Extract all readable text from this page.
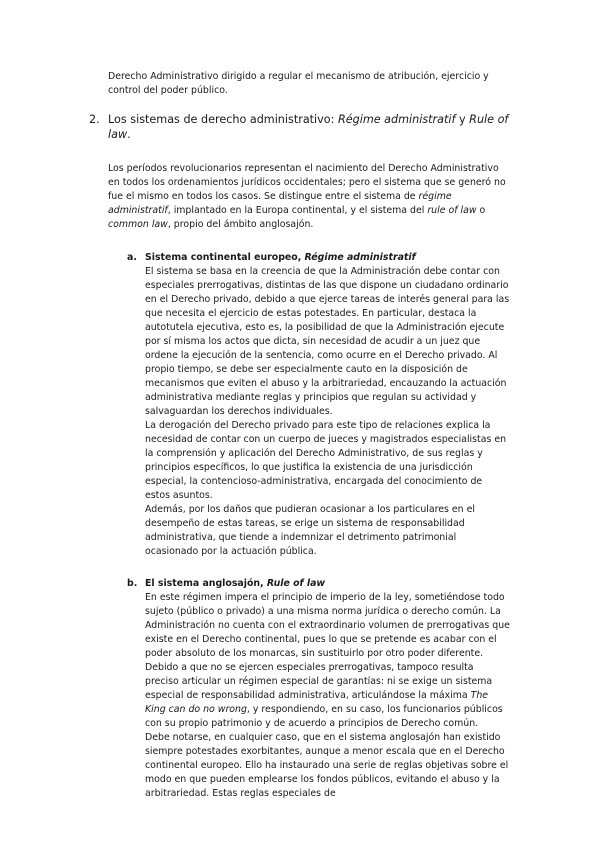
Derecho Administrativo dirigido a regular el mecanismo de atribución, ejercicio y control del poder público.

2. Los sistemas de derecho administrativo: Régime administratif y Rule of law.

Los períodos revolucionarios representan el nacimiento del Derecho Administrativo en todos los ordenamientos jurídicos occidentales; pero el sistema que se generó no fue el mismo en todos los casos. Se distingue entre el sistema de régime administratif, implantado en la Europa continental, y el sistema del rule of law o common law, propio del ámbito anglosajón.

a. Sistema continental europeo, Régime administratif

El sistema se basa en la creencia de que la Administración debe contar con especiales prerrogativas, distintas de las que dispone un ciudadano ordinario en el Derecho privado, debido a que ejerce tareas de interés general para las que necesita el ejercicio de estas potestades. En particular, destaca la autotutela ejecutiva, esto es, la posibilidad de que la Administración ejecute por sí misma los actos que dicta, sin necesidad de acudir a un juez que ordene la ejecución de la sentencia, como ocurre en el Derecho privado. Al propio tiempo, se debe ser especialmente cauto en la disposición de mecanismos que eviten el abuso y la arbitrariedad, encauzando la actuación administrativa mediante reglas y principios que regulan su actividad y salvaguardan los derechos individuales.

La derogación del Derecho privado para este tipo de relaciones explica la necesidad de contar con un cuerpo de jueces y magistrados especialistas en la comprensión y aplicación del Derecho Administrativo, de sus reglas y principios específicos, lo que justifica la existencia de una jurisdicción especial, la contencioso-administrativa, encargada del conocimiento de estos asuntos.

Además, por los daños que pudieran ocasionar a los particulares en el desempeño de estas tareas, se erige un sistema de responsabilidad administrativa, que tiende a indemnizar el detrimento patrimonial ocasionado por la actuación pública.

b. El sistema anglosajón, Rule of law

En este régimen impera el principio de imperio de la ley, sometiéndose todo sujeto (público o privado) a una misma norma jurídica o derecho común. La Administración no cuenta con el extraordinario volumen de prerrogativas que existe en el Derecho continental, pues lo que se pretende es acabar con el poder absoluto de los monarcas, sin sustituirlo por otro poder diferente. Debido a que no se ejercen especiales prerrogativas, tampoco resulta preciso articular un régimen especial de garantías: ni se exige un sistema especial de responsabilidad administrativa, articulándose la máxima The King can do no wrong, y respondiendo, en su caso, los funcionarios públicos con su propio patrimonio y de acuerdo a principios de Derecho común.

Debe notarse, en cualquier caso, que en el sistema anglosajón han existido siempre potestades exorbitantes, aunque a menor escala que en el Derecho continental europeo. Ello ha instaurado una serie de reglas objetivas sobre el modo en que pueden emplearse los fondos públicos, evitando el abuso y la arbitrariedad. Estas reglas especiales de
